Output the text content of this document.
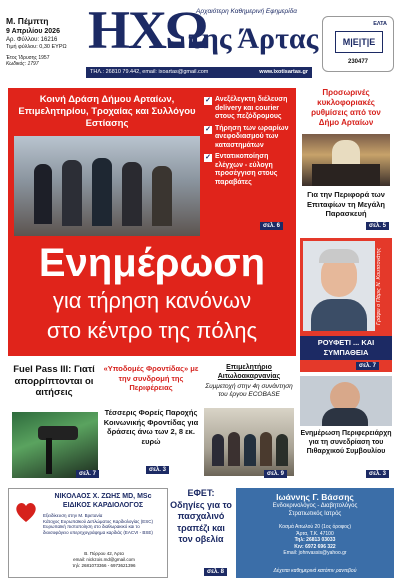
Μ. Πέμπτη
9 Απριλίου 2026
Αρ. Φύλλου: 16216
Τιμή φύλλου: 0,30 ΕΥΡΩ
Έτος Ίδρυσης 1957
Κωδικός: 1797
ΗΧΩ
Αρχαιότερη Καθημερινή Εφημερίδα
της Άρτας
ΤΗΛ.: 26810 79.442, email: ixoartas@gmail.com	www.ixotisartas.gr
ΕΛΤΑ
Μ|Ε|Τ|Ε
230477
Κοινή Δράση Δήμου Αρταίων, Επιμελητηρίου, Τροχαίας και Συλλόγου Εστίασης
✓ Ανεξέλεγκτη διέλευση delivery και courier στους πεζόδρομους
✓ Τήρηση των ωραρίων ανεφοδιασμού των καταστημάτων
✓ Εντατικοποίηση ελέγχων - εύλογη προσέγγιση στους παραβάτες
σελ. 6
Ενημέρωση
για τήρηση κανόνων
στο κέντρο της πόλης
Προσωρινές κυκλοφοριακές ρυθμίσεις από τον Δήμο Αρταίων
Για την Περιφορά των Επιταφίων τη Μεγάλη Παρασκευή
σελ. 5
Γράφει ο Πάρις Ν. Κουτσονάτης
ΡΟΥΦΕΤΙ ... ΚΑΙ ΣΥΜΠΑΘΕΙΑ
σελ. 7
Fuel Pass III: Γιατί απορρίπτονται οι αιτήσεις
σελ. 7
«Υποδομές Φροντίδας» με την συνδρομή της Περιφέρειας
Τέσσερις Φορείς Παροχής Κοινωνικής Φροντίδας για δράσεις άνω των 2, 8 εκ. ευρώ
σελ. 3
Επιμελητήριο Αιτωλοακαρνανίας
Συμμετοχή στην 4η συνάντηση του έργου ECOBASE
σελ. 9
Ενημέρωση Περιφερειάρχη για τη συνεδρίαση του Πιθαρχικού Συμβουλίου
σελ. 3
ΝΙΚΟΛΑΟΣ Χ. ΖΩΗΣ MD, MSc
ΕΙΔΙΚΟΣ ΚΑΡΔΙΟΛΟΓΟΣ
Εξειδίκευση στην Μ. Βρετανία
Κάτοχος Ευρωπαϊκού Διπλώματος Καρδιολογίας (ESC)
Ευρωπαϊκή πιστοποίηση στο διαθωρακικό και το διοισοφάγειο υπερηχογράφημα καρδιάς (EACVI - BSE)
Β. Πύρρου 42, Άρτα
email: nickzois.md@gmail.com
τηλ: 2681073366 - 6973621396
ΕΦΕΤ: Οδηγίες για το πασχαλινό τραπέζι και τον οβελία
σελ. 8
Ιωάννης Γ. Βάσσης
Ενδοκρινολόγος - Διαβητολόγος
Στρατιωτικός Ιατρός
Κοσμά Αιτωλού 20 (1ος όροφος)
Άρτα, Τ.Κ. 47100
Τηλ: 26813 03033
Κιν: 6972 696 322
Email: johnvassis@yahoo.gr
Δέχεται καθημερινά κατόπιν ραντεβού
